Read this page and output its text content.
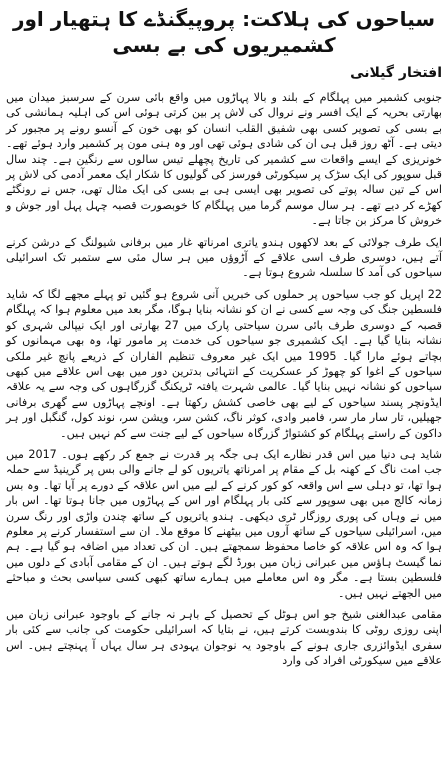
سیاحوں کی ہلاکت: پروپیگنڈے کا ہتھیار اور کشمیریوں کی بے بسی
افتخار گیلانی
جنوبی کشمیر میں پہلگام کے بلند و بالا پہاڑوں میں واقع بائی سرن کے سرسبز میدان میں بھارتی بحریہ کے ایک افسر ونے نروال کی لاش پر بین کرتی ہوئی اس کی اہلیہ ہمانشی کی بے بسی کی تصویر کسی بھی شفیق القلب انسان کو بھی خون کے آنسو رونے پر مجبور کر دیتی ہے۔ آٹھ روز قبل ہی ان کی شادی ہوئی تھی اور وہ ہنی مون پر کشمیر وارد ہوئے تھے۔ خونریزی کے ایسے واقعات سے کشمیر کی تاریخ پچھلے تیس سالوں سے رنگین ہے۔ چند سال قبل سوپور کی ایک سڑک پر سیکورٹی فورسز کی گولیوں کا شکار ایک معمر آدمی کی لاش پر اس کے تین سالہ پوتے کی تصویر بھی ایسی ہی بے بسی کی ایک مثال تھی، جس نے رونگٹے کھڑے کر دیے تھے۔ ہر سال موسم گرما میں پہلگام کا خوبصورت قصبہ چہل پہل اور جوش و خروش کا مرکز بن جاتا ہے۔
ایک طرف جولائی کے بعد لاکھوں ہندو یاتری امرناتھ غار میں برفانی شیولنگ کے درشن کرنے آتے ہیں، دوسری طرف اسی علاقے کے آڑوؤں میں ہر سال مئی سے ستمبر تک اسرائیلی سیاحوں کی آمد کا سلسلہ شروع ہوتا ہے۔
22 اپریل کو جب سیاحوں پر حملوں کی خبریں آنی شروع ہو گئیں تو پہلے مجھے لگا کہ شاید فلسطین جنگ کی وجہ سے کسی نے ان کو نشانہ بنایا ہوگا، مگر بعد میں معلوم ہوا کہ پہلگام قصبہ کے دوسری طرف بائی سرن سیاحتی پارک میں 27 بھارتی اور ایک نیپالی شہری کو نشانہ بنایا گیا ہے۔ ایک کشمیری جو سیاحوں کی خدمت پر مامور تھا، وہ بھی مہمانوں کو بچاتے ہوئے مارا گیا۔ 1995 میں ایک غیر معروف تنظیم الفاران کے ذریعے پانچ غیر ملکی سیاحوں کے اغوا کو چھوڑ کر عسکریت کے انتہائی بدترین دور میں بھی اس علاقے میں کبھی سیاحوں کو نشانہ نہیں بنایا گیا۔ عالمی شہرت یافتہ ٹریکنگ گزرگاہوں کی وجہ سے یہ علاقہ ایڈونچر پسند سیاحوں کے لیے بھی خاصی کشش رکھتا ہے۔ اونچے پہاڑوں سے گھری برفانی جھیلیں، تار سار مار سر، فامبر وادی، کوثر ناگ، کشن سر، ویشن سر، نوند کول، گنگبل اور ہر داکون کے راستے پہلگام کو کشتواڑ گزرگاہ سیاحوں کے لیے جنت سے کم نہیں ہیں۔
شاید ہی دنیا میں اس قدر نظارے ایک ہی جگہ پر قدرت نے جمع کر رکھے ہوں۔ 2017 میں جب امت ناگ کے کھنہ بل کے مقام پر امرناتھ یاتریوں کو لے جانے والی بس پر گرینیڈ سے حملہ ہوا تھا، تو دہلی سے اس واقعہ کو کور کرنے کے لیے میں اس علاقہ کے دورے پر آیا تھا۔ وہ بس زمانہ کالج میں بھی سوپور سے کئی بار پہلگام اور اس کے پہاڑوں میں جانا ہوتا تھا۔ اس بار میں نے وہاں کی پوری روزگار ٹری دیکھی۔ ہندو یاتریوں کے ساتھ چندن واڑی اور رنگ سرن میں، اسرائیلی سیاحوں کے ساتھ آروں میں بیٹھنے کا موقع ملا۔ ان سے استفسار کرنے پر معلوم ہوا کہ وہ اس علاقہ کو خاصا محفوظ سمجھتے ہیں۔ ان کی تعداد میں اضافہ ہو گیا ہے۔ ہم نما گیسٹ ہاؤس میں عبرانی زبان میں بورڈ لگے ہوتے ہیں۔ ان کے مقامی آبادی کے دلوں میں فلسطین بستا ہے۔ مگر وہ اس معاملے میں ہمارے ساتھ کبھی کسی سیاسی بحث و مباحثے میں الجھتے نہیں ہیں۔
مقامی عبدالغنی شیخ جو اس ہوٹل کے تحصیل کے باہر نہ جانے کے باوجود عبرانی زبان میں اپنی روزی روٹی کا بندوبست کرتے ہیں، نے بتایا کہ اسرائیلی حکومت کی جانب سے کئی بار سفری ایڈوائزری جاری ہونے کے باوجود یہ نوجوان یہودی ہر سال یہاں آ پہنچتے ہیں۔ اس علاقے میں سیکورٹی افراد کی وارد
